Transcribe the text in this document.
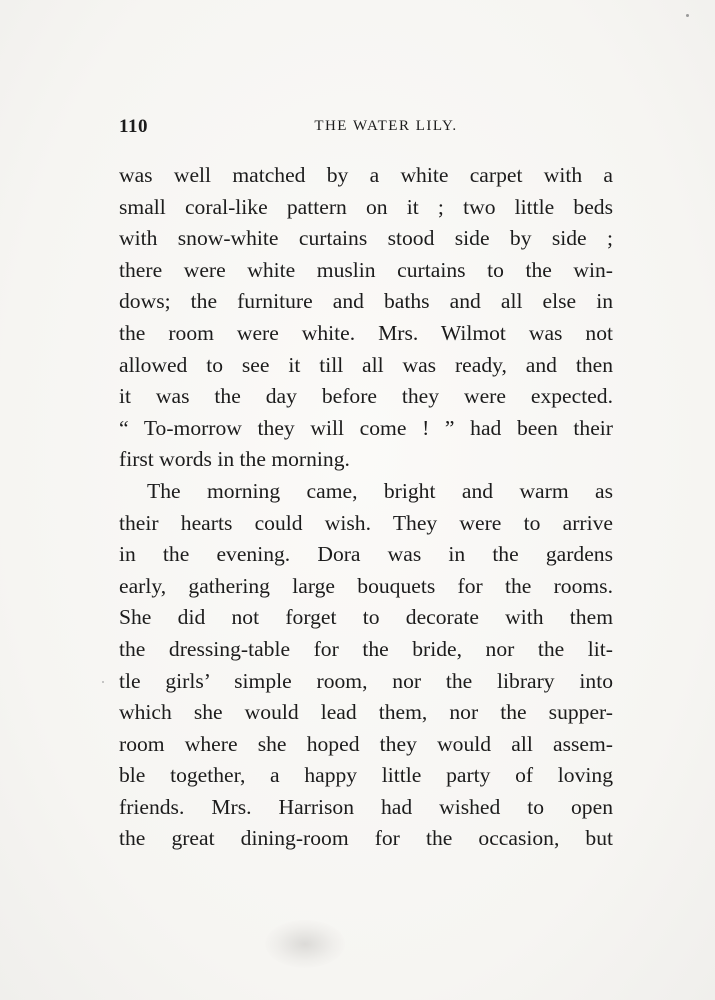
110	THE WATER LILY.
was well matched by a white carpet with a
small coral-like pattern on it ; two little beds
with snow-white curtains stood side by side ;
there were white muslin curtains to the win-
dows; the furniture and baths and all else in
the room were white. Mrs. Wilmot was not
allowed to see it till all was ready, and then
it was the day before they were expected.
“ To-morrow they will come ! ” had been their
first words in the morning.
The morning came, bright and warm as
their hearts could wish. They were to arrive
in the evening. Dora was in the gardens
early, gathering large bouquets for the rooms.
She did not forget to decorate with them
the dressing-table for the bride, nor the lit-
tle girls’ simple room, nor the library into
which she would lead them, nor the supper-
room where she hoped they would all assem-
ble together, a happy little party of loving
friends. Mrs. Harrison had wished to open
the great dining-room for the occasion, but
